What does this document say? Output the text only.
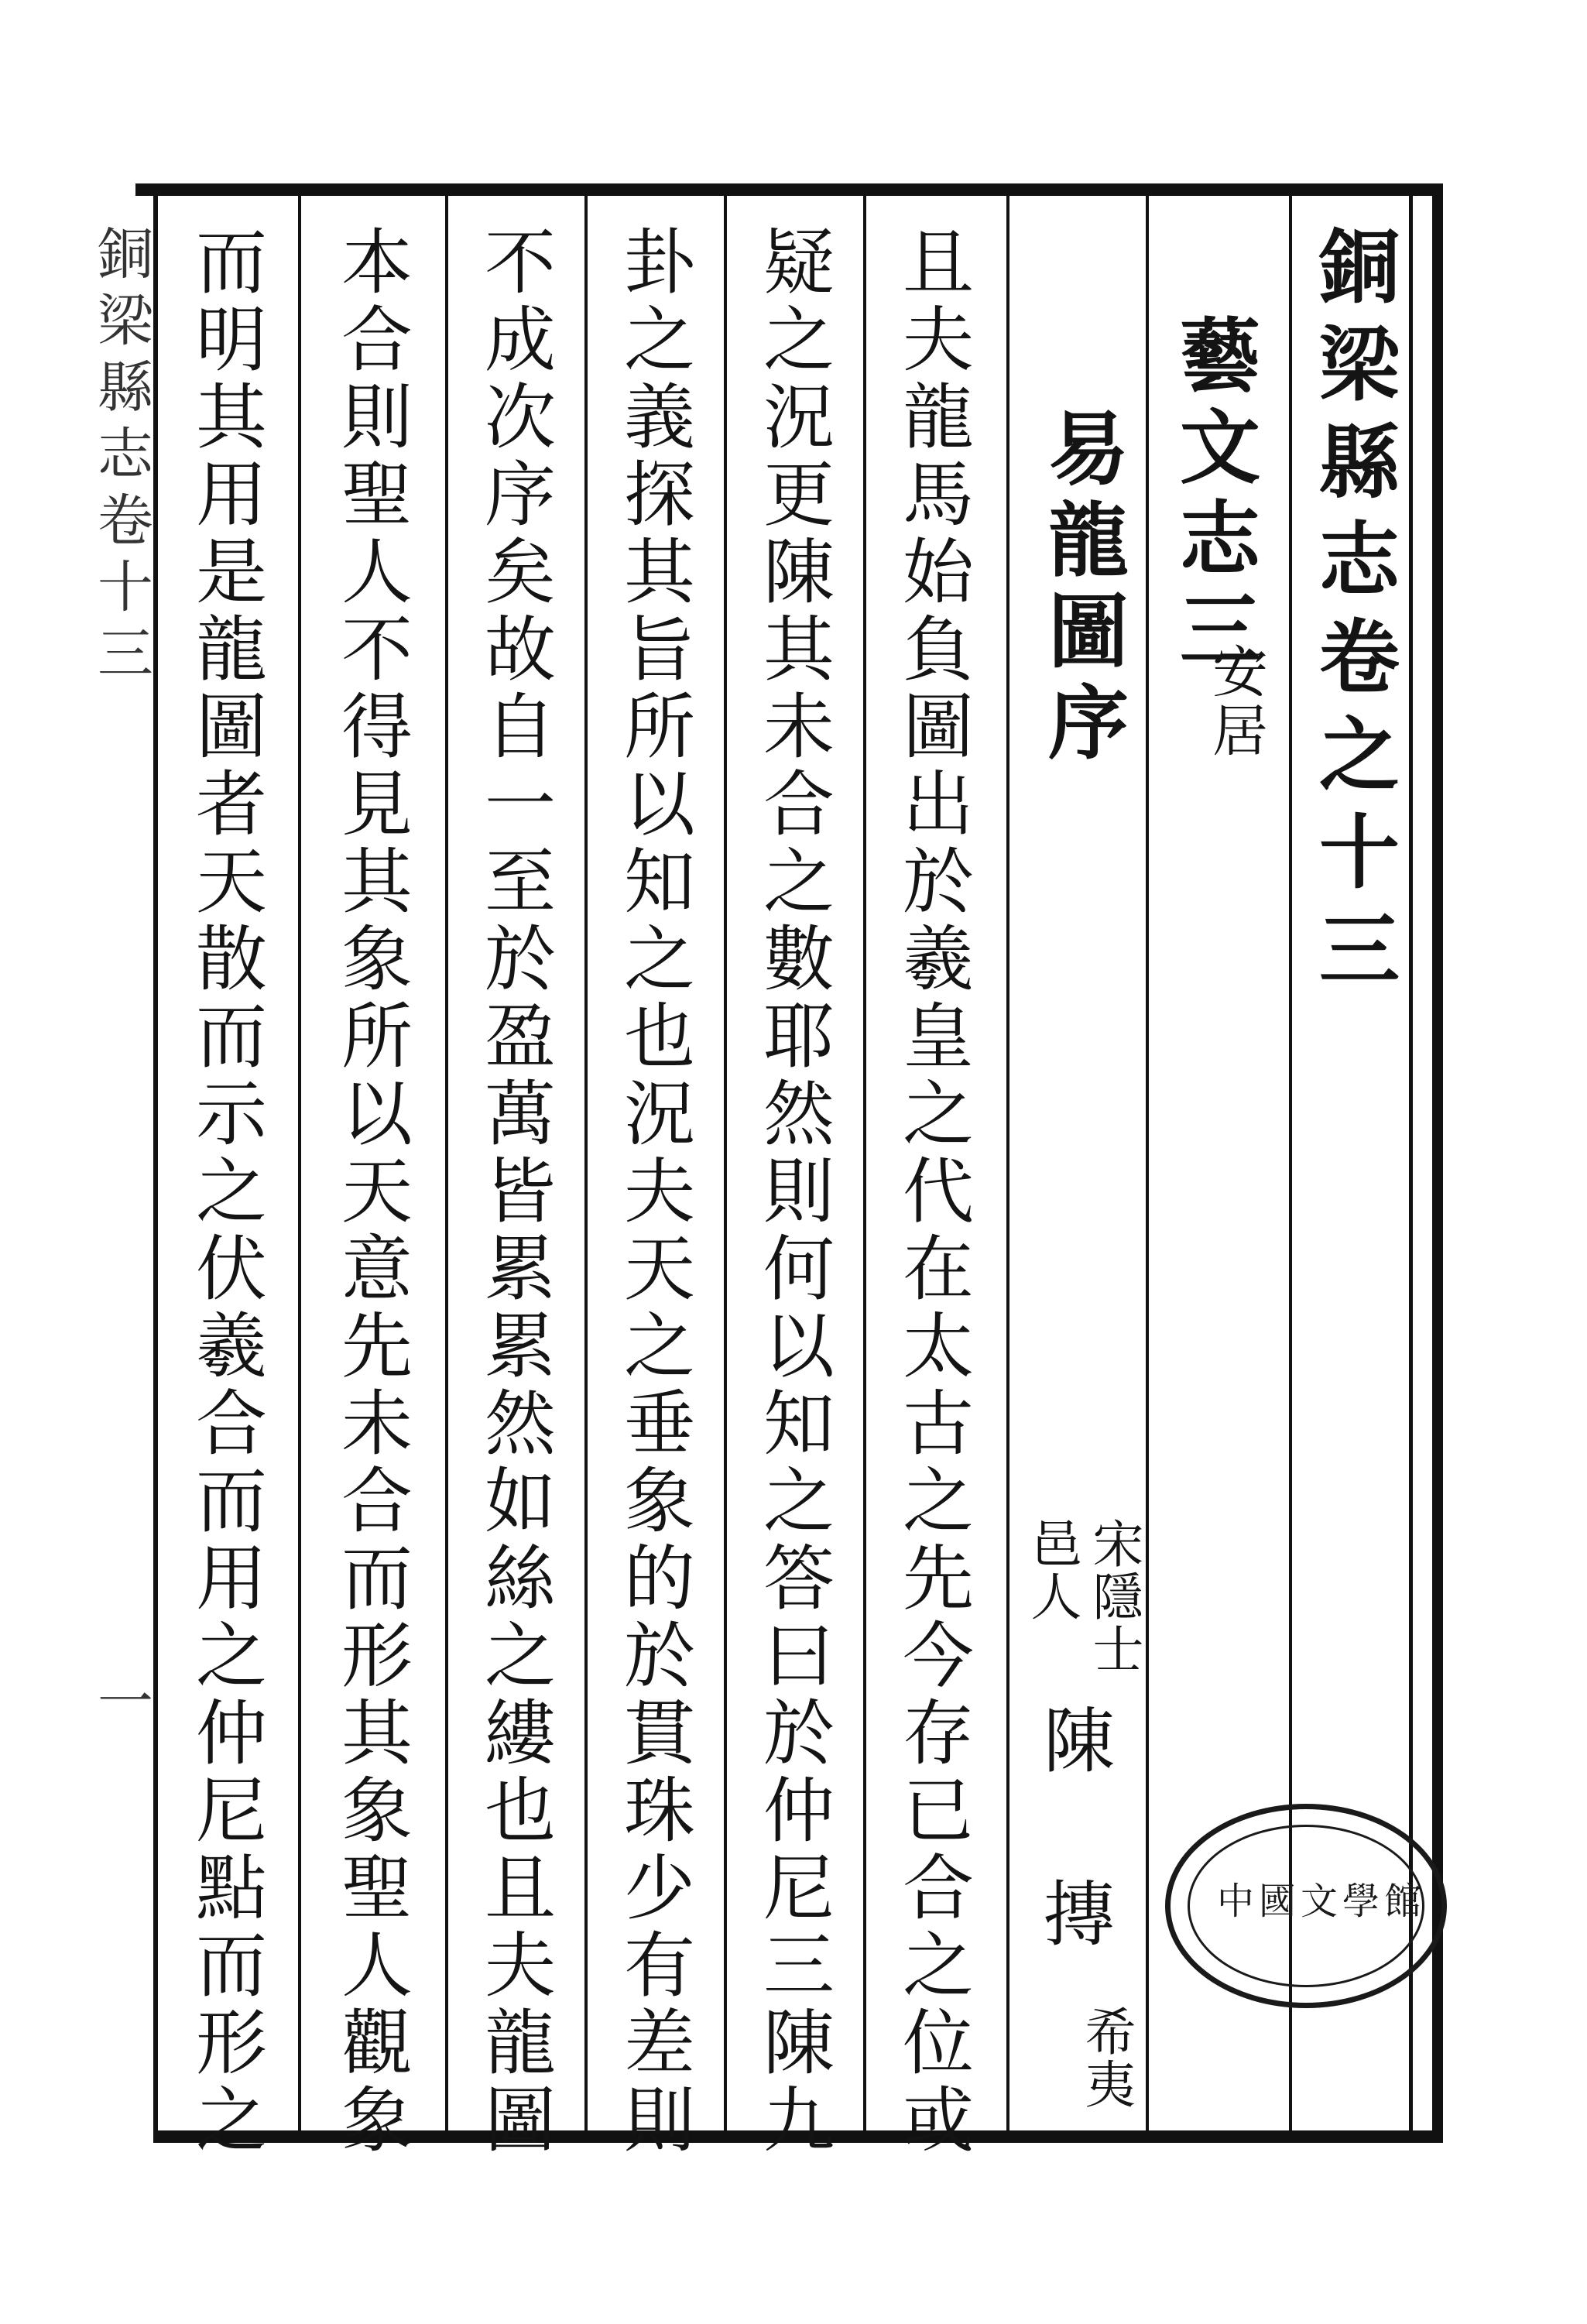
銅梁縣志卷之十三
藝文志三
安居
易龍圖序
宋隱士
邑人
陳　摶
希夷
且夫龍馬始負圖出於羲皇之代在太古之先今存已合之位或
疑之況更陳其未合之數耶然則何以知之答曰於仲尼三陳九
卦之義探其旨所以知之也況夫天之垂象的於貫珠少有差則
不成次序矣故自一至於盈萬皆累累然如絲之縷也且夫龍圖
本合則聖人不得見其象所以天意先未合而形其象聖人觀象
而明其用是龍圖者天散而示之伏羲合而用之仲尼點而形之
銅梁縣志卷十三
一
中國文學館
